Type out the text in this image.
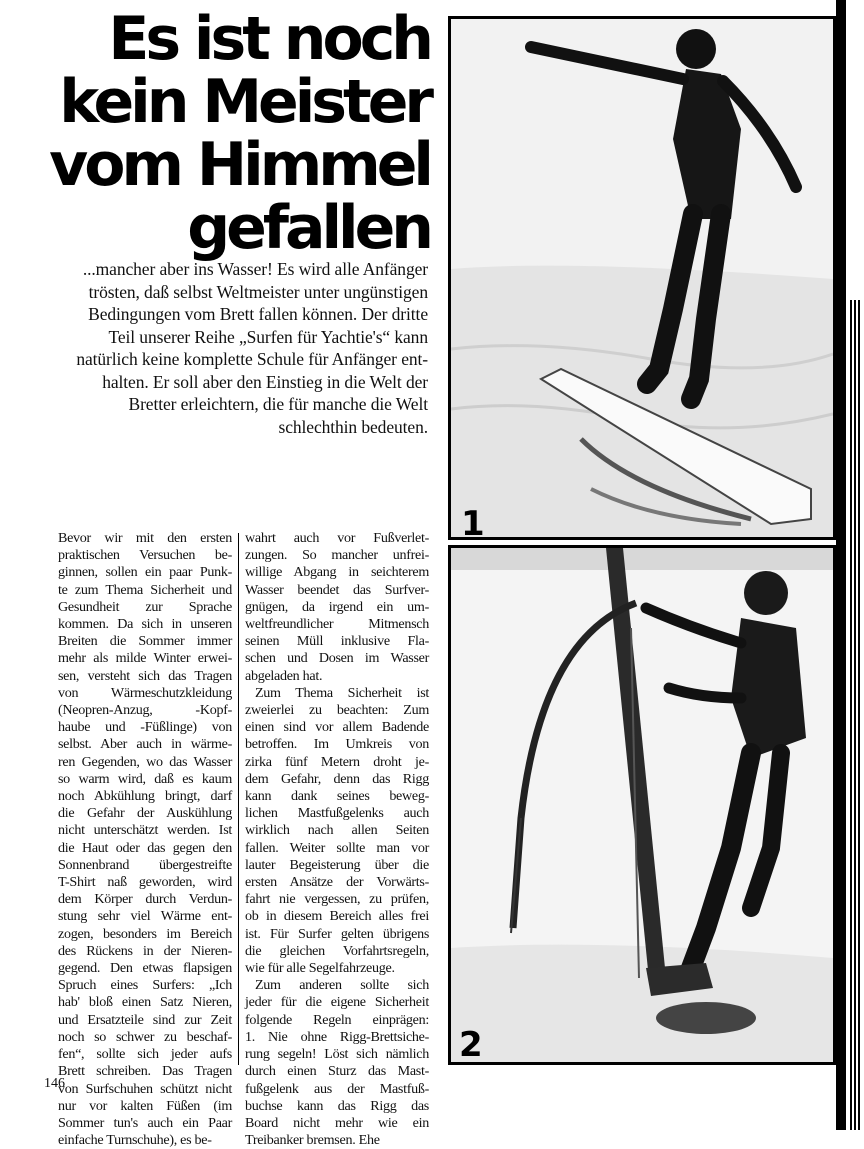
Es ist noch
kein Meister
vom Himmel
gefallen
...mancher aber ins Wasser! Es wird alle Anfänger
trösten, daß selbst Weltmeister unter ungünstigen
Bedingungen vom Brett fallen können. Der dritte
Teil unserer Reihe „Surfen für Yachtie's“ kann
natürlich keine komplette Schule für Anfänger ent-
halten. Er soll aber den Einstieg in die Welt der
Bretter erleichtern, die für manche die Welt
schlechthin bedeuten.
Bevor wir mit den ersten
praktischen Versuchen be-
ginnen, sollen ein paar Punk-
te zum Thema Sicherheit und
Gesundheit zur Sprache
kommen. Da sich in unseren
Breiten die Sommer immer
mehr als milde Winter erwei-
sen, versteht sich das Tragen
von Wärmeschutzkleidung
(Neopren-Anzug, -Kopf-
haube und -Füßlinge) von
selbst. Aber auch in wärme-
ren Gegenden, wo das Wasser
so warm wird, daß es kaum
noch Abkühlung bringt, darf
die Gefahr der Auskühlung
nicht unterschätzt werden. Ist
die Haut oder das gegen den
Sonnenbrand übergestreifte
T-Shirt naß geworden, wird
dem Körper durch Verdun-
stung sehr viel Wärme ent-
zogen, besonders im Bereich
des Rückens in der Nieren-
gegend. Den etwas flapsigen
Spruch eines Surfers: „Ich
hab' bloß einen Satz Nieren,
und Ersatzteile sind zur Zeit
noch so schwer zu beschaf-
fen“, sollte sich jeder aufs
Brett schreiben. Das Tragen
von Surfschuhen schützt nicht
nur vor kalten Füßen (im
Sommer tun's auch ein Paar
einfache Turnschuhe), es be-
wahrt auch vor Fußverlet-
zungen. So mancher unfrei-
willige Abgang in seichterem
Wasser beendet das Surfver-
gnügen, da irgend ein um-
weltfreundlicher Mitmensch
seinen Müll inklusive Fla-
schen und Dosen im Wasser
abgeladen hat.
Zum Thema Sicherheit ist
zweierlei zu beachten: Zum
einen sind vor allem Badende
betroffen. Im Umkreis von
zirka fünf Metern droht je-
dem Gefahr, denn das Rigg
kann dank seines beweg-
lichen Mastfußgelenks auch
wirklich nach allen Seiten
fallen. Weiter sollte man vor
lauter Begeisterung über die
ersten Ansätze der Vorwärts-
fahrt nie vergessen, zu prüfen,
ob in diesem Bereich alles frei
ist. Für Surfer gelten übrigens
die gleichen Vorfahrtsregeln,
wie für alle Segelfahrzeuge.
Zum anderen sollte sich
jeder für die eigene Sicherheit
folgende Regeln einprägen:
1. Nie ohne Rigg-Brettsiche-
rung segeln! Löst sich nämlich
durch einen Sturz das Mast-
fußgelenk aus der Mastfuß-
buchse kann das Rigg das
Board nicht mehr wie ein
Treibanker bremsen. Ehe
146
1
2
